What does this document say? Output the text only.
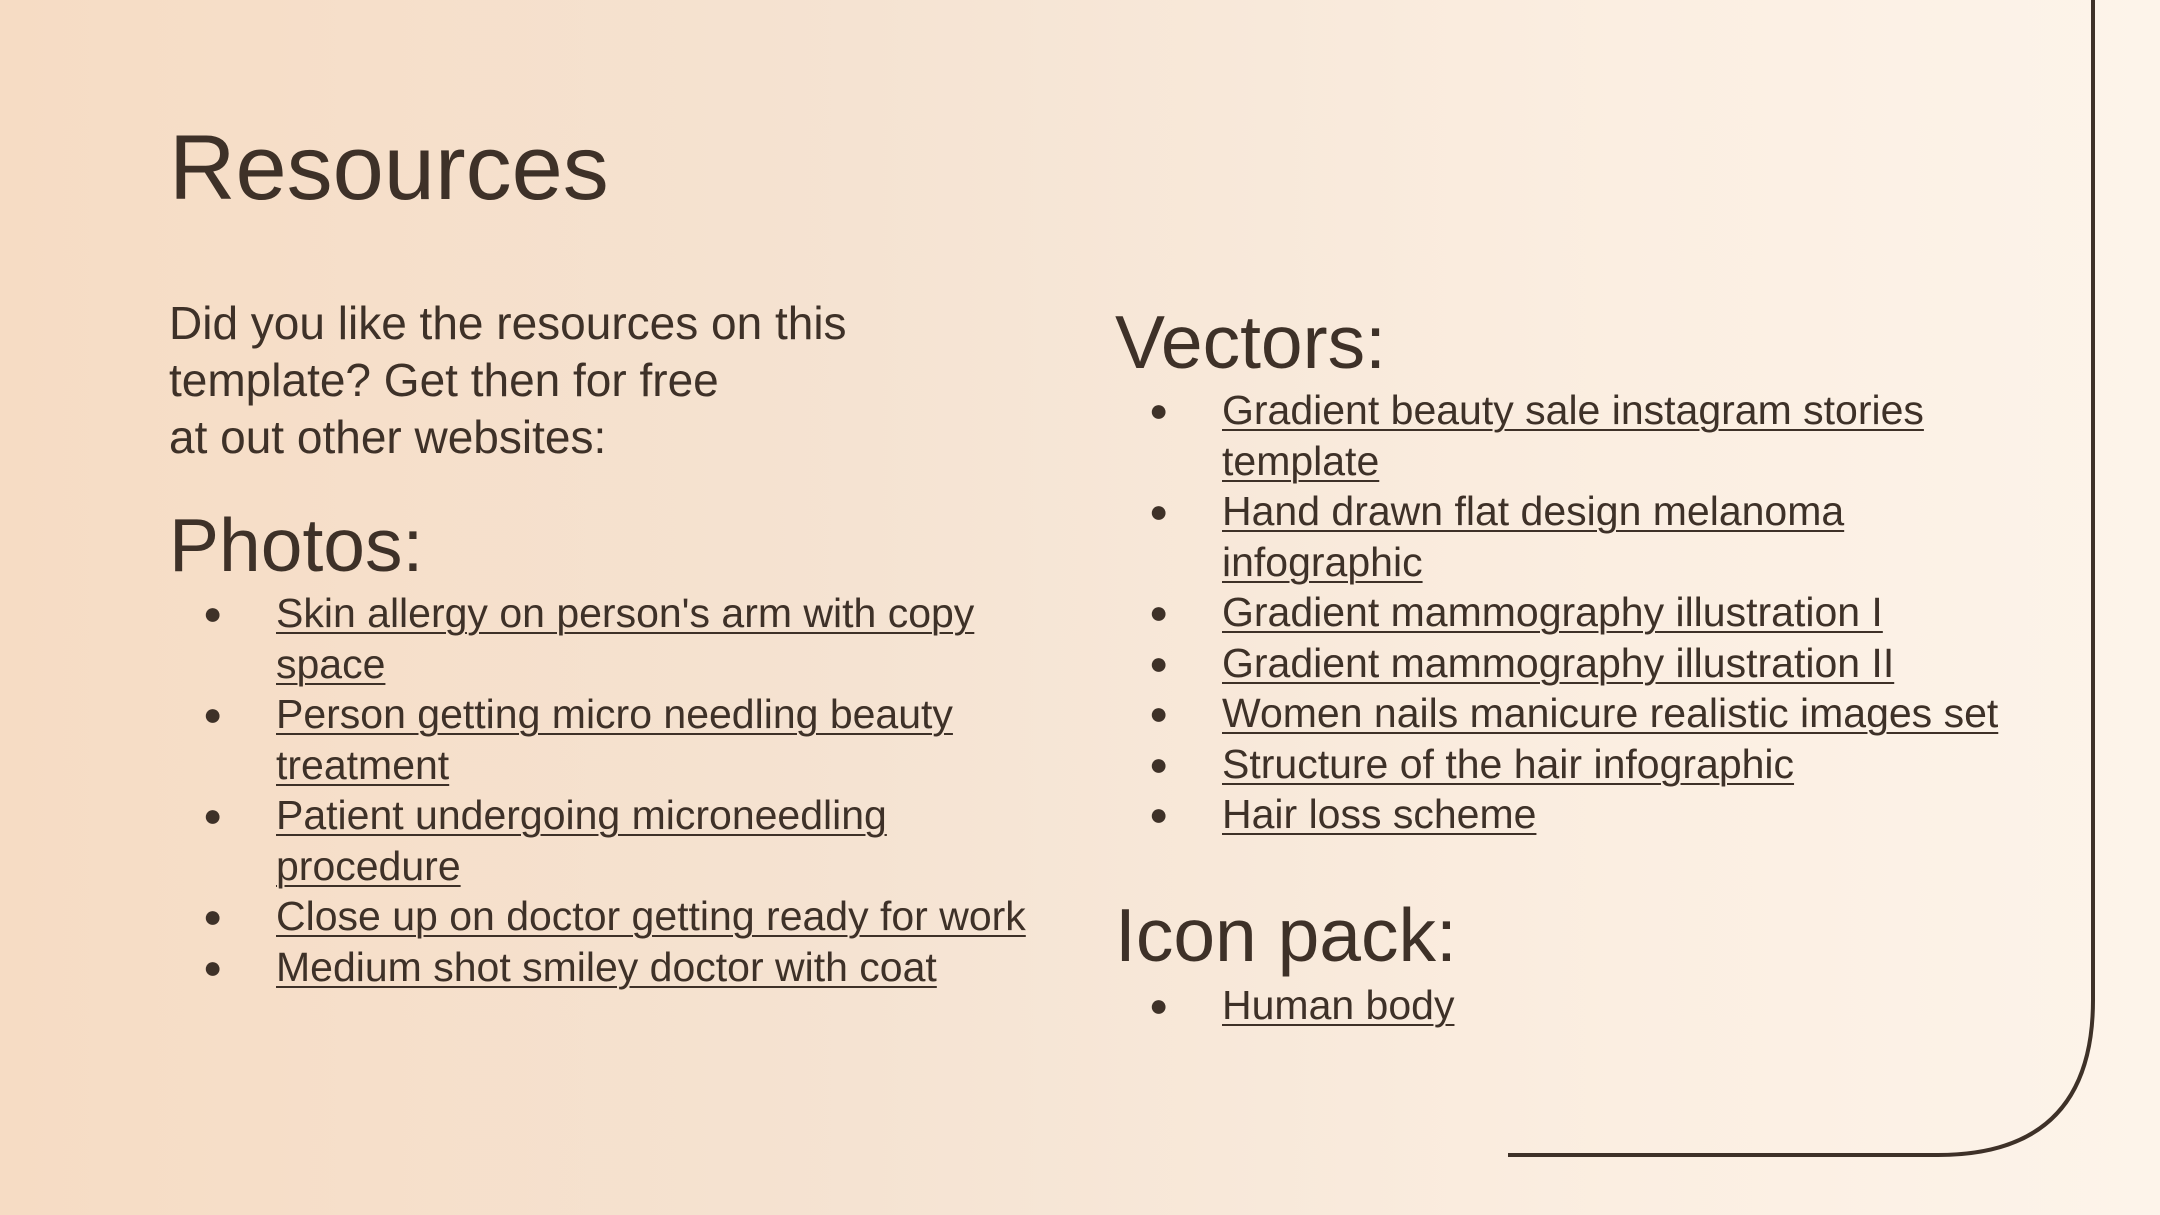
Resources

Did you like the resources on this
template? Get then for free
at out other websites:

Photos:
● Skin allergy on person's arm with copy space
● Person getting micro needling beauty treatment
● Patient undergoing microneedling procedure
● Close up on doctor getting ready for work
● Medium shot smiley doctor with coat
Vectors:
● Gradient beauty sale instagram stories template
● Hand drawn flat design melanoma infographic
● Gradient mammography illustration I
● Gradient mammography illustration II
● Women nails manicure realistic images set
● Structure of the hair infographic
● Hair loss scheme
Icon pack:
● Human body
